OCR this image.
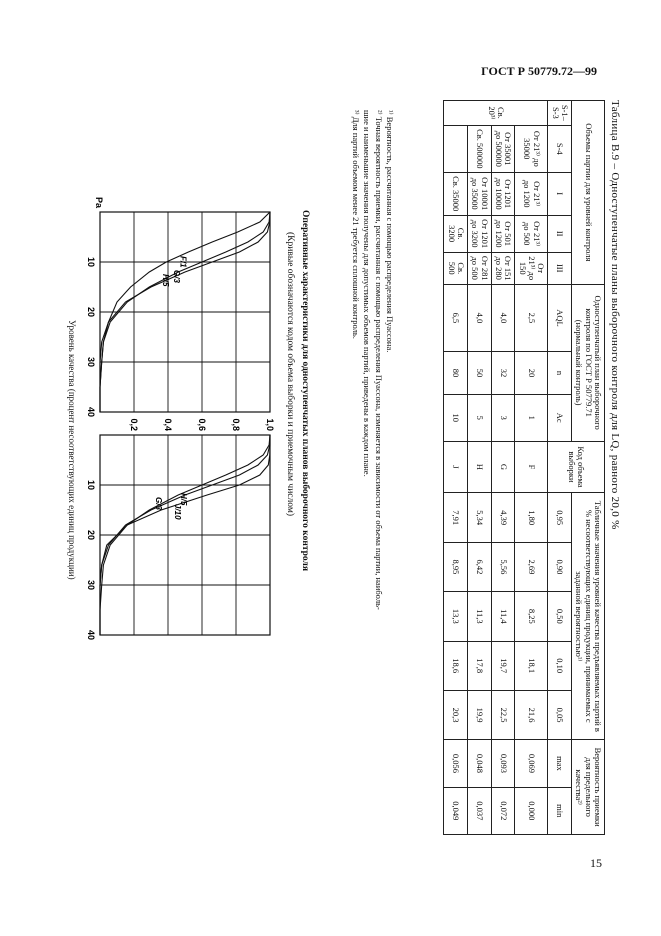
ГОСТ Р 50779.72—99
15
Таблица В.9 – Одноступенчатые планы выборочного контроля для LQ, равного 20,0 %
Объемы партии для уровней контроля					Одноступенчатый план выборочного контроля по ГОСТ Р 50779.71 (нормальный контроль)			Код объема выборки	Табличные значения уровней качества предъявляемых партий в % несоответствующих единиц продукции, принимаемых с заданной вероятностью¹⁾					Вероятность приемки для предельного качества²⁾	
S-1–S-3	S-4	I	II	III	AQL	n	Ac		0,95	0,90	0,50	0,10	0,05	max	min
Св. 20³⁾	От 21³⁾ до 35000	От 21³⁾ до 1200	От 21³⁾ до 500	От 21³⁾ до 150	2,5	20	1	F	1,80	2,69	8,25	18,1	21,6	0,069	0,000
	От 35001 до 500000	От 1201 до 10000	От 501 до 1200	От 151 до 280	4,0	32	3	G	4,39	5,56	11,4	19,7	22,5	0,093	0,072
	Св. 500000	От 10001 до 35000	От 1201 до 3200	От 281 до 500	4,0	50	5	H	5,34	6,42	11,3	17,8	19,9	0,048	0,037
		Св. 35000	Св. 3200	Св. 500	6,5	80	10	J	7,91	8,95	13,3	18,6	20,3	0,056	0,049
¹⁾ Вероятность, рассчитанная с помощью распределения Пуассона.
²⁾ Точная вероятность приемки, рассчитанная с помощью распределения Пуассона, изменяется в зависимости от объема партии, наиболь-
шие и наименьшие значения получены для допустимых объемов партий, приведены в каждом плане.
³⁾ Для партий объемом менее 21 требуется сплошной контроль.
Оперативные характеристики для одноступенчатых планов выборочного контроля
(Кривые обозначаются кодом объема выборки и приемочным числом)
10
20
30
40
Pa
F/1
G/3
H/5
10
20
30
40
0,2	0,4	0,6	0,8	1,0
J/10
H/5
G/3
Уровень качества (процент несоответствующих единиц продукции)
